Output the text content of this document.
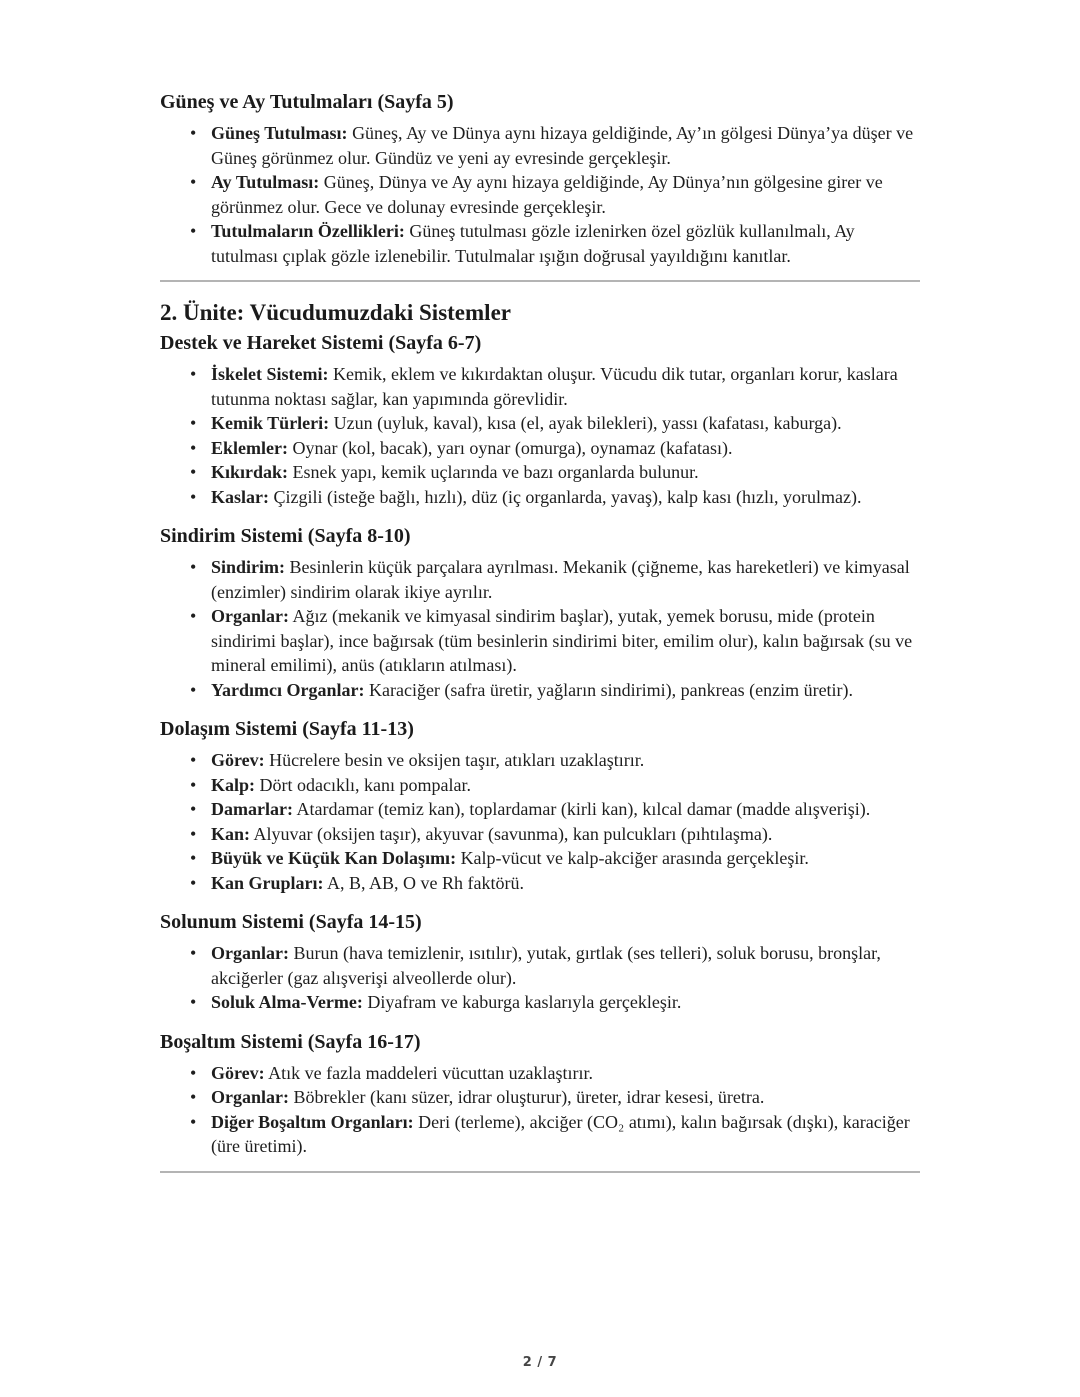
Güneş ve Ay Tutulmaları (Sayfa 5)
• Güneş Tutulması: Güneş, Ay ve Dünya aynı hizaya geldiğinde, Ay’ın gölgesi Dünya’ya düşer ve Güneş görünmez olur. Gündüz ve yeni ay evresinde gerçekleşir.
• Ay Tutulması: Güneş, Dünya ve Ay aynı hizaya geldiğinde, Ay Dünya’nın gölgesine girer ve görünmez olur. Gece ve dolunay evresinde gerçekleşir.
• Tutulmaların Özellikleri: Güneş tutulması gözle izlenirken özel gözlük kullanılmalı, Ay tutulması çıplak gözle izlenebilir. Tutulmalar ışığın doğrusal yayıldığını kanıtlar.
2. Ünite: Vücudumuzdaki Sistemler
Destek ve Hareket Sistemi (Sayfa 6-7)
• İskelet Sistemi: Kemik, eklem ve kıkırdaktan oluşur. Vücudu dik tutar, organları korur, kaslara tutunma noktası sağlar, kan yapımında görevlidir.
• Kemik Türleri: Uzun (uyluk, kaval), kısa (el, ayak bilekleri), yassı (kafatası, kaburga).
• Eklemler: Oynar (kol, bacak), yarı oynar (omurga), oynamaz (kafatası).
• Kıkırdak: Esnek yapı, kemik uçlarında ve bazı organlarda bulunur.
• Kaslar: Çizgili (isteğe bağlı, hızlı), düz (iç organlarda, yavaş), kalp kası (hızlı, yorulmaz).
Sindirim Sistemi (Sayfa 8-10)
• Sindirim: Besinlerin küçük parçalara ayrılması. Mekanik (çiğneme, kas hareketleri) ve kimyasal (enzimler) sindirim olarak ikiye ayrılır.
• Organlar: Ağız (mekanik ve kimyasal sindirim başlar), yutak, yemek borusu, mide (protein sindirimi başlar), ince bağırsak (tüm besinlerin sindirimi biter, emilim olur), kalın bağırsak (su ve mineral emilimi), anüs (atıkların atılması).
• Yardımcı Organlar: Karaciğer (safra üretir, yağların sindirimi), pankreas (enzim üretir).
Dolaşım Sistemi (Sayfa 11-13)
• Görev: Hücrelere besin ve oksijen taşır, atıkları uzaklaştırır.
• Kalp: Dört odacıklı, kanı pompalar.
• Damarlar: Atardamar (temiz kan), toplardamar (kirli kan), kılcal damar (madde alışverişi).
• Kan: Alyuvar (oksijen taşır), akyuvar (savunma), kan pulcukları (pıhtılaşma).
• Büyük ve Küçük Kan Dolaşımı: Kalp-vücut ve kalp-akciğer arasında gerçekleşir.
• Kan Grupları: A, B, AB, O ve Rh faktörü.
Solunum Sistemi (Sayfa 14-15)
• Organlar: Burun (hava temizlenir, ısıtılır), yutak, gırtlak (ses telleri), soluk borusu, bronşlar, akciğerler (gaz alışverişi alveollerde olur).
• Soluk Alma-Verme: Diyafram ve kaburga kaslarıyla gerçekleşir.
Boşaltım Sistemi (Sayfa 16-17)
• Görev: Atık ve fazla maddeleri vücuttan uzaklaştırır.
• Organlar: Böbrekler (kanı süzer, idrar oluşturur), üreter, idrar kesesi, üretra.
• Diğer Boşaltım Organları: Deri (terleme), akciğer (CO₂ atımı), kalın bağırsak (dışkı), karaciğer (üre üretimi).
2 / 7
